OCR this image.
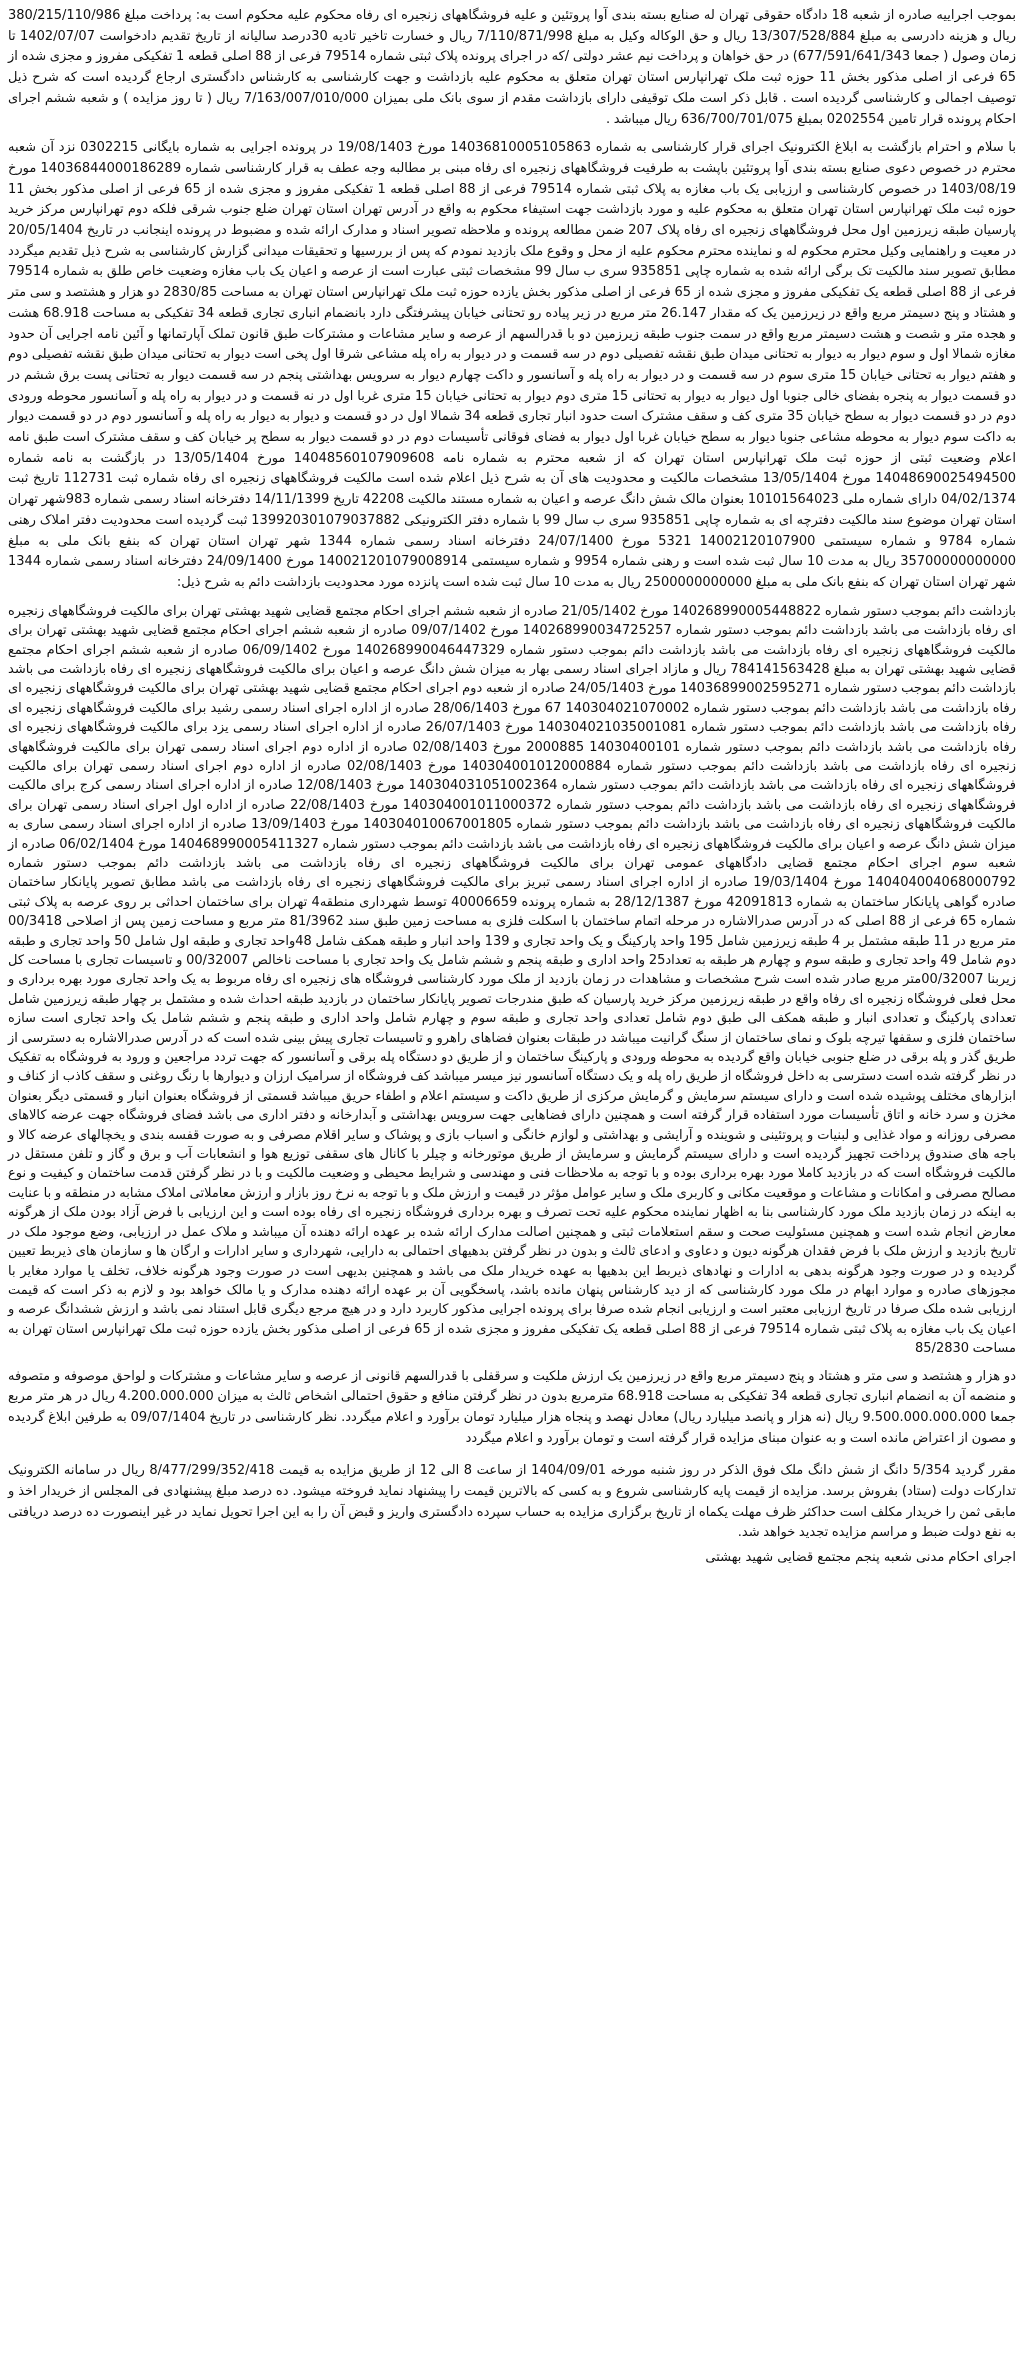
بموجب اجراییه صادره از شعبه 18 دادگاه حقوقی تهران له صنایع بسته بندی آوا پروتئین و علیه فروشگاههای زنجیره ای رفاه محکوم علیه محکوم است به: پرداخت مبلغ 380/215/110/986 ریال و هزینه دادرسی به مبلغ 13/307/528/884 ریال و حق الوکاله وکیل به مبلغ 7/110/871/998 ریال و خسارت تاخیر تادیه 30درصد سالیانه از تاریخ تقدیم دادخواست 1402/07/07 تا زمان وصول ( جمعا 677/591/641/343) در حق خواهان و پرداخت نیم عشر دولتی /که در اجرای پرونده پلاک ثبتی شماره 79514 فرعی از 88 اصلی قطعه 1 تفکیکی مفروز و مجزی شده از 65 فرعی از اصلی مذکور بخش 11 حوزه ثبت ملک تهرانپارس استان تهران متعلق به محکوم علیه بازداشت و جهت کارشناسی به کارشناس دادگستری ارجاع گردیده است که شرح ذیل توصیف اجمالی و کارشناسی گردیده است . قابل ذکر است ملک توقیفی دارای بازداشت مقدم از سوی بانک ملی بمیزان 7/163/007/010/000 ریال ( تا روز مزایده ) و شعبه ششم اجرای احکام پرونده قرار تامین 0202554 بمبلغ 636/700/701/075 ریال میباشد .

با سلام و احترام بازگشت به ابلاغ الکترونیک اجرای قرار کارشناسی به شماره 14036810005105863 مورخ 19/08/1403 در پرونده اجرایی به شماره بایگانی 0302215 نزد آن شعبه محترم در خصوص دعوی صنایع بسته بندی آوا پروتئین باپشت به طرفیت فروشگاههای زنجیره ای رفاه مبنی بر مطالبه وجه عطف به قرار کارشناسی شماره 14036844000186289 مورخ 1403/08/19 در خصوص کارشناسی و ارزیابی یک باب مغازه به پلاک ثبتی شماره 79514 فرعی از 88 اصلی قطعه 1 تفکیکی مفروز و مجزی شده از 65 فرعی از اصلی مذکور بخش 11 حوزه ثبت ملک تهرانپارس استان تهران متعلق به محکوم علیه و مورد بازداشت جهت استیفاء محکوم به واقع در آدرس تهران استان تهران ضلع جنوب شرقی فلکه دوم تهرانپارس مرکز خرید پارسیان طبقه زیرزمین اول محل فروشگاههای زنجیره ای رفاه پلاک 207 ضمن مطالعه پرونده و ملاحظه تصویر اسناد و مدارک ارائه شده و مضبوط در پرونده اینجانب در تاریخ 20/05/1404 در معیت و راهنمایی وکیل محترم محکوم له و نماینده محترم محکوم علیه از محل و وقوع ملک بازدید نمودم که پس از بررسیها و تحقیقات میدانی گزارش کارشناسی به شرح ذیل تقدیم میگردد مطابق تصویر سند مالکیت تک برگی ارائه شده به شماره چاپی 935851 سری ب سال 99 مشخصات ثبتی عبارت است از عرصه و اعیان یک باب مغازه وضعیت خاص طلق به شماره 79514 فرعی از 88 اصلی قطعه یک تفکیکی مفروز و مجزی شده از 65 فرعی از اصلی مذکور بخش یازده حوزه ثبت ملک تهرانپارس استان تهران به مساحت 2830/85 دو هزار و هشتصد و سی متر و هشتاد و پنج دسیمتر مربع واقع در زیرزمین یک که مقدار 26.147 متر مربع در زیر پیاده رو تحتانی خیابان پیشرفتگی دارد بانضمام انباری تجاری قطعه 34 تفکیکی به مساحت 68.918 هشت و هجده متر و شصت و هشت دسیمتر مربع واقع در سمت جنوب طبقه زیرزمین دو با قدرالسهم از عرصه و سایر مشاعات و مشترکات طبق قانون تملک آپارتمانها و آئین نامه اجرایی آن حدود مغازه شمالا اول و سوم دیوار به دیوار به تحتانی میدان طبق نقشه تفصیلی دوم در سه قسمت و در دیوار به راه پله مشاعی شرقا اول پخی است دیوار به تحتانی میدان طبق نقشه تفصیلی دوم و هفتم دیوار به تحتانی خیابان 15 متری سوم در سه قسمت و در دیوار به راه پله و آسانسور و داکت چهارم دیوار به سرویس بهداشتی پنجم در سه قسمت دیوار به تحتانی پست برق ششم در دو قسمت دیوار به پنجره بفضای خالی جنوبا اول دیوار به دیوار به تحتانی 15 متری دوم دیوار به تحتانی خیابان 15 متری غربا اول در نه قسمت و در دیوار به راه پله و آسانسور محوطه ورودی دوم در دو قسمت دیوار به سطح خیابان 35 متری کف و سقف مشترک است حدود انبار تجاری قطعه 34 شمالا اول در دو قسمت و دیوار به دیوار به راه پله و آسانسور دوم در دو قسمت دیوار به داکت سوم دیوار به محوطه مشاعی جنوبا دیوار به سطح خیابان غربا اول دیوار به فضای فوقانی تأسیسات دوم در دو قسمت دیوار به سطح پر خیابان کف و سقف مشترک است طبق نامه اعلام وضعیت ثبتی از حوزه ثبت ملک تهرانپارس استان تهران که از شعبه محترم به شماره نامه 14048560107909608 مورخ 13/05/1404 در بازگشت به نامه شماره 14048690025494500 مورخ 13/05/1404 مشخصات مالکیت و محدودیت های آن به شرح ذیل اعلام شده است مالکیت فروشگاههای زنجیره ای رفاه شماره ثبت 112731 تاریخ ثبت 04/02/1374 دارای شماره ملی 10101564023 بعنوان مالک شش دانگ عرصه و اعیان به شماره مستند مالکیت 42208 تاریخ 14/11/1399 دفترخانه اسناد رسمی شماره 983شهر تهران استان تهران موضوع سند مالکیت دفترچه ای به شماره چاپی 935851 سری ب سال 99 با شماره دفتر الکترونیکی 139920301079037882 ثبت گردیده است محدودیت دفتر املاک رهنی شماره 9784 و شماره سیستمی 14002120107900 5321 مورخ 24/07/1400 دفترخانه اسناد رسمی شماره 1344 شهر تهران استان تهران که بنفع بانک ملی به مبلغ 35700000000000 ریال به مدت 10 سال ثبت شده است و رهنی شماره 9954 و شماره سیستمی 140021201079008914 مورخ 24/09/1400 دفترخانه اسناد رسمی شماره 1344 شهر تهران استان تهران که بنفع بانک ملی به مبلغ 2500000000000 ریال به مدت 10 سال ثبت شده است پانزده مورد محدودیت بازداشت دائم به شرح ذیل:

بازداشت دائم بموجب دستور شماره 140268990005448822 مورخ 21/05/1402 صادره از شعبه ششم اجرای احکام مجتمع قضایی شهید بهشتی تهران برای مالکیت فروشگاههای زنجیره ای رفاه بازداشت می باشد بازداشت دائم بموجب دستور شماره 140268990034725257 مورخ 09/07/1402 صادره از شعبه ششم اجرای احکام مجتمع قضایی شهید بهشتی تهران برای مالکیت فروشگاههای زنجیره ای رفاه بازداشت می باشد بازداشت دائم بموجب دستور شماره 140268990046447329 مورخ 06/09/1402 صادره از شعبه ششم اجرای احکام مجتمع قضایی شهید بهشتی تهران به مبلغ 784141563428 ریال و مازاد اجرای اسناد رسمی بهار به میزان شش دانگ عرصه و اعیان برای مالکیت فروشگاههای زنجیره ای رفاه بازداشت می باشد بازداشت دائم بموجب دستور شماره 14036899002595271 مورخ 24/05/1403 صادره از شعبه دوم اجرای احکام مجتمع قضایی شهید بهشتی تهران برای مالکیت فروشگاههای زنجیره ای رفاه بازداشت می باشد بازداشت دائم بموجب دستور شماره 140304021070002 67 مورخ 28/06/1403 صادره از اداره اجرای اسناد رسمی رشید برای مالکیت فروشگاههای زنجیره ای رفاه بازداشت می باشد بازداشت دائم بموجب دستور شماره 140304021035001081 مورخ 26/07/1403 صادره از اداره اجرای اسناد رسمی یزد برای مالکیت فروشگاههای زنجیره ای رفاه بازداشت می باشد بازداشت دائم بموجب دستور شماره 14030400101 2000885 مورخ 02/08/1403 صادره از اداره دوم اجرای اسناد رسمی تهران برای مالکیت فروشگاههای زنجیره ای رفاه بازداشت می باشد بازداشت دائم بموجب دستور شماره 140304001012000884 مورخ 02/08/1403 صادره از اداره دوم اجرای اسناد رسمی تهران برای مالکیت فروشگاههای زنجیره ای رفاه بازداشت می باشد بازداشت دائم بموجب دستور شماره 140304031051002364 مورخ 12/08/1403 صادره از اداره اجرای اسناد رسمی کرج برای مالکیت فروشگاههای زنجیره ای رفاه بازداشت می باشد بازداشت دائم بموجب دستور شماره 140304001011000372 مورخ 22/08/1403 صادره از اداره اول اجرای اسناد رسمی تهران برای مالکیت فروشگاههای زنجیره ای رفاه بازداشت می باشد بازداشت دائم بموجب دستور شماره 140304010067001805 مورخ 13/09/1403 صادره از اداره اجرای اسناد رسمی ساری به میزان شش دانگ عرصه و اعیان برای مالکیت فروشگاههای زنجیره ای رفاه بازداشت می باشد بازداشت دائم بموجب دستور شماره 140468990005411327 مورخ 06/02/1404 صادره از شعبه سوم اجرای احکام مجتمع قضایی دادگاههای عمومی تهران برای مالکیت فروشگاههای زنجیره ای رفاه بازداشت می باشد بازداشت دائم بموجب دستور شماره 140404004068000792 مورخ 19/03/1404 صادره از اداره اجرای اسناد رسمی تبریز برای مالکیت فروشگاههای زنجیره ای رفاه بازداشت می باشد مطابق تصویر پایانکار ساختمان صادره گواهی پایانکار ساختمان به شماره 42091813 مورخ 28/12/1387 به شماره پرونده 40006659 توسط شهرداری منطقه4 تهران برای ساختمان احداثی بر روی عرصه به پلاک ثبتی شماره 65 فرعی از 88 اصلی که در آدرس صدرالاشاره در مرحله اتمام ساختمان با اسکلت فلزی به مساحت زمین طبق سند 81/3962 متر مربع و مساحت زمین پس از اصلاحی 00/3418 متر مربع در 11 طبقه مشتمل بر 4 طبقه زیرزمین شامل 195 واحد پارکینگ و یک واحد تجاری و 139 واحد انبار و طبقه همکف شامل 48واحد تجاری و طبقه اول شامل 50 واحد تجاری و طبقه دوم شامل 49 واحد تجاری و طبقه سوم و چهارم هر طبقه به تعداد25 واحد اداری و طبقه پنجم و ششم شامل یک واحد تجاری با مساحت ناخالص 00/32007 و تاسیسات تجاری با مساحت کل زیربنا 00/32007متر مربع صادر شده است شرح مشخصات و مشاهدات در زمان بازدید از ملک مورد کارشناسی فروشگاه های زنجیره ای رفاه مربوط به یک واحد تجاری مورد بهره برداری و محل فعلی فروشگاه زنجیره ای رفاه واقع در طبقه زیرزمین مرکز خرید پارسیان که طبق مندرجات تصویر پایانکار ساختمان در بازدید طبقه احداث شده و مشتمل بر چهار طبقه زیرزمین شامل تعدادی پارکینگ و تعدادی انبار و طبقه همکف الی طبق دوم شامل تعدادی واحد تجاری و طبقه سوم و چهارم شامل واحد اداری و طبقه پنجم و ششم شامل یک واحد تجاری است سازه ساختمان فلزی و سقفها تیرچه بلوک و نمای ساختمان از سنگ گرانیت میباشد در طبقات بعنوان فضاهای راهرو و تاسیسات تجاری پیش بینی شده است که در آدرس صدرالاشاره به دسترسی از طریق گذر و پله برقی در ضلع جنوبی خیابان واقع گردیده به محوطه ورودی و پارکینگ ساختمان و از طریق دو دستگاه پله برقی و آسانسور که جهت تردد مراجعین و ورود به فروشگاه به تفکیک در نظر گرفته شده است دسترسی به داخل فروشگاه از طریق راه پله و یک دستگاه آسانسور نیز میسر میباشد کف فروشگاه از سرامیک ارزان و دیوارها با رنگ روغنی و سقف کاذب از کناف و ابزارهای مختلف پوشیده شده است و دارای سیستم سرمایش و گرمایش مرکزی از طریق داکت و سیستم اعلام و اطفاء حریق میباشد قسمتی از فروشگاه بعنوان انبار و قسمتی دیگر بعنوان مخزن و سرد خانه و اتاق تأسیسات مورد استفاده قرار گرفته است و همچنین دارای فضاهایی جهت سرویس بهداشتی و آبدارخانه و دفتر اداری می باشد فضای فروشگاه جهت عرضه کالاهای مصرفی روزانه و مواد غذایی و لبنیات و پروتئینی و شوینده و آرایشی و بهداشتی و لوازم خانگی و اسباب بازی و پوشاک و سایر اقلام مصرفی و به صورت قفسه بندی و یخچالهای عرضه کالا و باجه های صندوق پرداخت تجهیز گردیده است و دارای سیستم گرمایش و سرمایش از طریق موتورخانه و چیلر با کانال های سقفی توزیع هوا و انشعابات آب و برق و گاز و تلفن مستقل در مالکیت فروشگاه است که در بازدید کاملا مورد بهره برداری بوده و با توجه به ملاحظات فنی و مهندسی و شرایط محیطی و وضعیت مالکیت و با در نظر گرفتن قدمت ساختمان و کیفیت و نوع مصالح مصرفی و امکانات و مشاعات و موقعیت مکانی و کاربری ملک و سایر عوامل مؤثر در قیمت و ارزش ملک و با توجه به نرخ روز بازار و ارزش معاملاتی املاک مشابه در منطقه و با عنایت به اینکه در زمان بازدید ملک مورد کارشناسی بنا به اظهار نماینده محکوم علیه تحت تصرف و بهره برداری فروشگاه زنجیره ای رفاه بوده است و این ارزیابی با فرض آزاد بودن ملک از هرگونه معارض انجام شده است و همچنین مسئولیت صحت و سقم استعلامات ثبتی و همچنین اصالت مدارک ارائه شده بر عهده ارائه دهنده آن میباشد و ملاک عمل در ارزیابی، وضع موجود ملک در تاریخ بازدید و ارزش ملک با فرض فقدان هرگونه دیون و دعاوی و ادعای ثالث و بدون در نظر گرفتن بدهیهای احتمالی به دارایی، شهرداری و سایر ادارات و ارگان ها و سازمان های ذیربط تعیین گردیده و در صورت وجود هرگونه بدهی به ادارات و نهادهای ذیربط این بدهیها به عهده خریدار ملک می باشد و همچنین بدیهی است در صورت وجود هرگونه خلاف، تخلف یا موارد مغایر با مجوزهای صادره و موارد ابهام در ملک مورد کارشناسی که از دید کارشناس پنهان مانده باشد، پاسخگویی آن بر عهده ارائه دهنده مدارک و یا مالک خواهد بود و لازم به ذکر است که قیمت ارزیابی شده ملک صرفا در تاریخ ارزیابی معتبر است و ارزیابی انجام شده صرفا برای پرونده اجرایی مذکور کاربرد دارد و در هیچ مرجع دیگری قابل استناد نمی باشد و ارزش ششدانگ عرصه و اعیان یک باب مغازه به پلاک ثبتی شماره 79514 فرعی از 88 اصلی قطعه یک تفکیکی مفروز و مجزی شده از 65 فرعی از اصلی مذکور بخش یازده حوزه ثبت ملک تهرانپارس استان تهران به مساحت 85/2830

دو هزار و هشتصد و سی متر و هشتاد و پنج دسیمتر مربع واقع در زیرزمین یک ارزش ملکیت و سرقفلی با قدرالسهم قانونی از عرصه و سایر مشاعات و مشترکات و لواحق موصوفه و متصوفه و منضمه آن به انضمام انباری تجاری قطعه 34 تفکیکی به مساحت 68.918 مترمربع بدون در نظر گرفتن منافع و حقوق احتمالی اشخاص ثالث به میزان 4.200.000.000 ریال در هر متر مربع جمعا 9.500.000.000.000 ریال (نه هزار و پانصد میلیارد ریال) معادل نهصد و پنجاه هزار میلیارد تومان برآورد و اعلام میگردد. نظر کارشناسی در تاریخ 09/07/1404 به طرفین ابلاغ گردیده و مصون از اعتراض مانده است و به عنوان مبنای مزایده قرار گرفته است و تومان برآورد و اعلام میگردد

مقرر گردید 5/354 دانگ از شش دانگ ملک فوق الذکر در روز شنبه مورخه 1404/09/01 از ساعت 8 الی 12 از طریق مزایده به قیمت 8/477/299/352/418 ریال در سامانه الکترونیک تدارکات دولت (ستاد) بفروش برسد. مزایده از قیمت پایه کارشناسی شروع و به کسی که بالاترین قیمت را پیشنهاد نماید فروخته میشود. ده درصد مبلغ پیشنهادی فی المجلس از خریدار اخذ و مابقی ثمن را خریدار مکلف است حداکثر ظرف مهلت یکماه از تاریخ برگزاری مزایده به حساب سپرده دادگستری واریز و قبض آن را به این اجرا تحویل نماید در غیر اینصورت ده درصد دریافتی به نفع دولت ضبط و مراسم مزایده تجدید خواهد شد.

اجرای احکام مدنی شعبه پنجم مجتمع قضایی شهید بهشتی
